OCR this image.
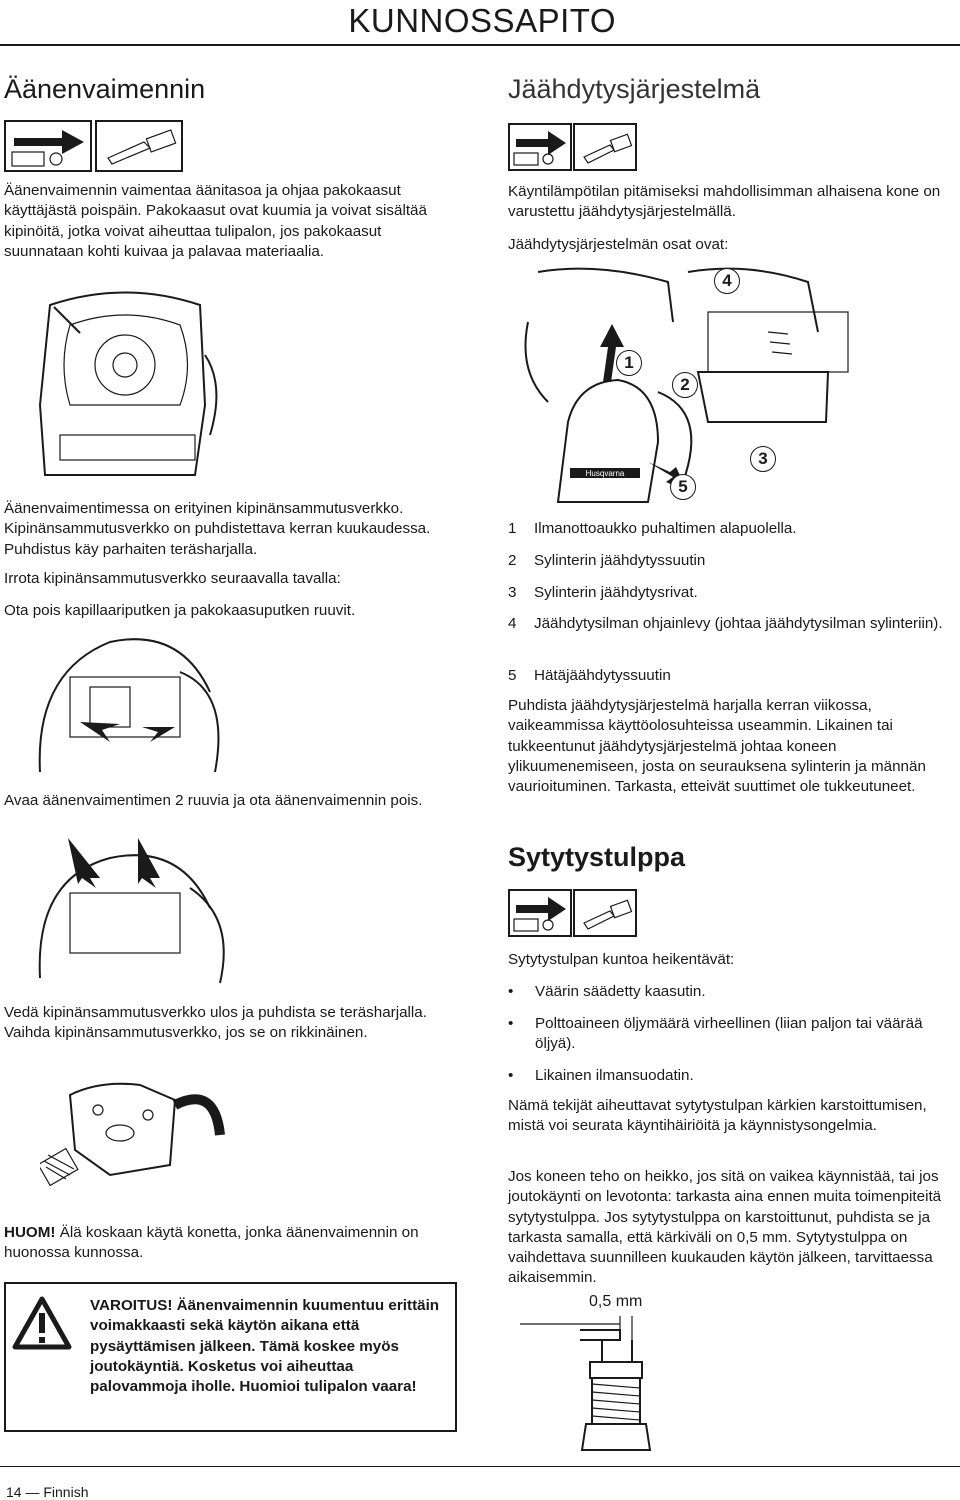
KUNNOSSAPITO
Äänenvaimennin
Äänenvaimennin vaimentaa äänitasoa ja ohjaa pakokaasut käyttäjästä poispäin. Pakokaasut ovat kuumia ja voivat sisältää kipinöitä, jotka voivat aiheuttaa tulipalon, jos pakokaasut suunnataan kohti kuivaa ja palavaa materiaalia.
Äänenvaimentimessa on erityinen kipinänsammutusverkko. Kipinänsammutusverkko on puhdistettava kerran kuukaudessa. Puhdistus käy parhaiten teräsharjalla.
Irrota kipinänsammutusverkko seuraavalla tavalla:
Ota pois kapillaariputken ja pakokaasuputken ruuvit.
Avaa äänenvaimentimen 2 ruuvia ja ota äänenvaimennin pois.
Vedä kipinänsammutusverkko ulos ja puhdista se teräsharjalla. Vaihda kipinänsammutusverkko, jos se on rikkinäinen.
HUOM! Älä koskaan käytä konetta, jonka äänenvaimennin on huonossa kunnossa.
VAROITUS! Äänenvaimennin kuumentuu erittäin voimakkaasti sekä käytön aikana että pysäyttämisen jälkeen. Tämä koskee myös joutokäyntiä. Kosketus voi aiheuttaa palovammoja iholle. Huomioi tulipalon vaara!
Jäähdytysjärjestelmä
Käyntilämpötilan pitämiseksi mahdollisimman alhaisena kone on varustettu jäähdytysjärjestelmällä.
Jäähdytysjärjestelmän osat ovat:
Husqvarna
4
1
2
3
5
1 Ilmanottoaukko puhaltimen alapuolella.
2 Sylinterin jäähdytyssuutin
3 Sylinterin jäähdytysrivat.
4 Jäähdytysilman ohjainlevy (johtaa jäähdytysilman sylinteriin).
5 Hätäjäähdytyssuutin
Puhdista jäähdytysjärjestelmä harjalla kerran viikossa, vaikeammissa käyttöolosuhteissa useammin. Likainen tai tukkeentunut jäähdytysjärjestelmä johtaa koneen ylikuumenemiseen, josta on seurauksena sylinterin ja männän vaurioituminen. Tarkasta, etteivät suuttimet ole tukkeutuneet.
Sytytystulppa
Sytytystulpan kuntoa heikentävät:
• Väärin säädetty kaasutin.
• Polttoaineen öljymäärä virheellinen (liian paljon tai väärää öljyä).
• Likainen ilmansuodatin.
Nämä tekijät aiheuttavat sytytystulpan kärkien karstoittumisen, mistä voi seurata käyntihäiriöitä ja käynnistysongelmia.
Jos koneen teho on heikko, jos sitä on vaikea käynnistää, tai jos joutokäynti on levotonta: tarkasta aina ennen muita toimenpiteitä sytytystulppa. Jos sytytystulppa on karstoittunut, puhdista se ja tarkasta samalla, että kärkiväli on 0,5 mm. Sytytystulppa on vaihdettava suunnilleen kuukauden käytön jälkeen, tarvittaessa aikaisemmin.
0,5 mm
14 — Finnish
